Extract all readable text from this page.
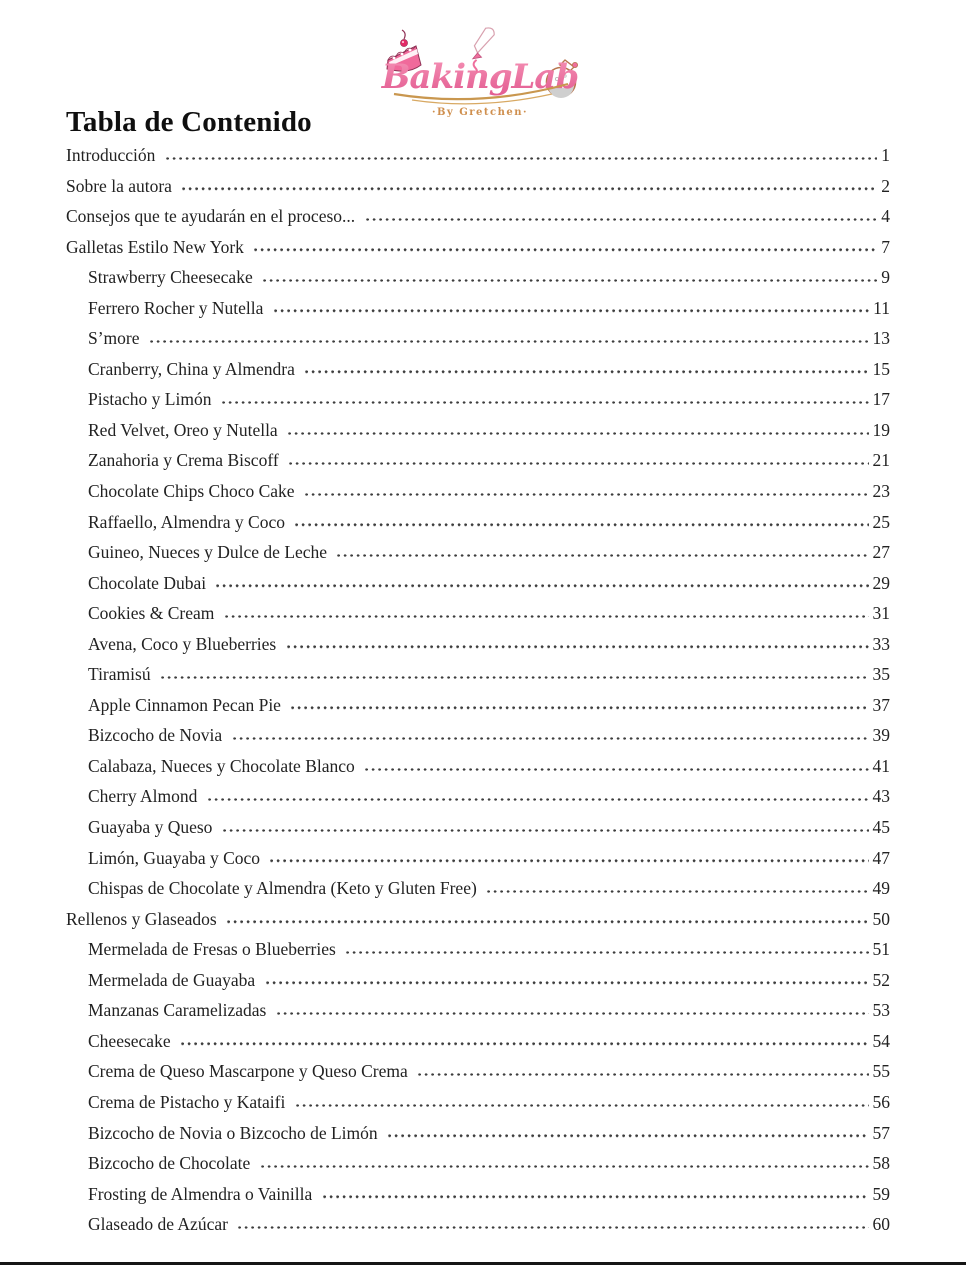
BakingLab
·By Gretchen·
Tabla de Contenido
Introducción	1
Sobre la autora	2
Consejos que te ayudarán en el proceso...	4
Galletas Estilo New York	7
Strawberry Cheesecake	9
Ferrero Rocher y Nutella	11
S’more	13
Cranberry, China y Almendra	15
Pistacho y Limón	17
Red Velvet, Oreo y Nutella	19
Zanahoria y Crema Biscoff	21
Chocolate Chips Choco Cake	23
Raffaello, Almendra y Coco	25
Guineo, Nueces y Dulce de Leche	27
Chocolate Dubai	29
Cookies & Cream	31
Avena, Coco y Blueberries	33
Tiramisú	35
Apple Cinnamon Pecan Pie	37
Bizcocho de Novia	39
Calabaza, Nueces y Chocolate Blanco	41
Cherry Almond	43
Guayaba y Queso	45
Limón, Guayaba y Coco	47
Chispas de Chocolate y Almendra (Keto y Gluten Free)	49
Rellenos y Glaseados	50
Mermelada de Fresas o Blueberries	51
Mermelada de Guayaba	52
Manzanas Caramelizadas	53
Cheesecake	54
Crema de Queso Mascarpone y Queso Crema	55
Crema de Pistacho y Kataifi	56
Bizcocho de Novia o Bizcocho de Limón	57
Bizcocho de Chocolate	58
Frosting de Almendra o Vainilla	59
Glaseado de Azúcar	60
